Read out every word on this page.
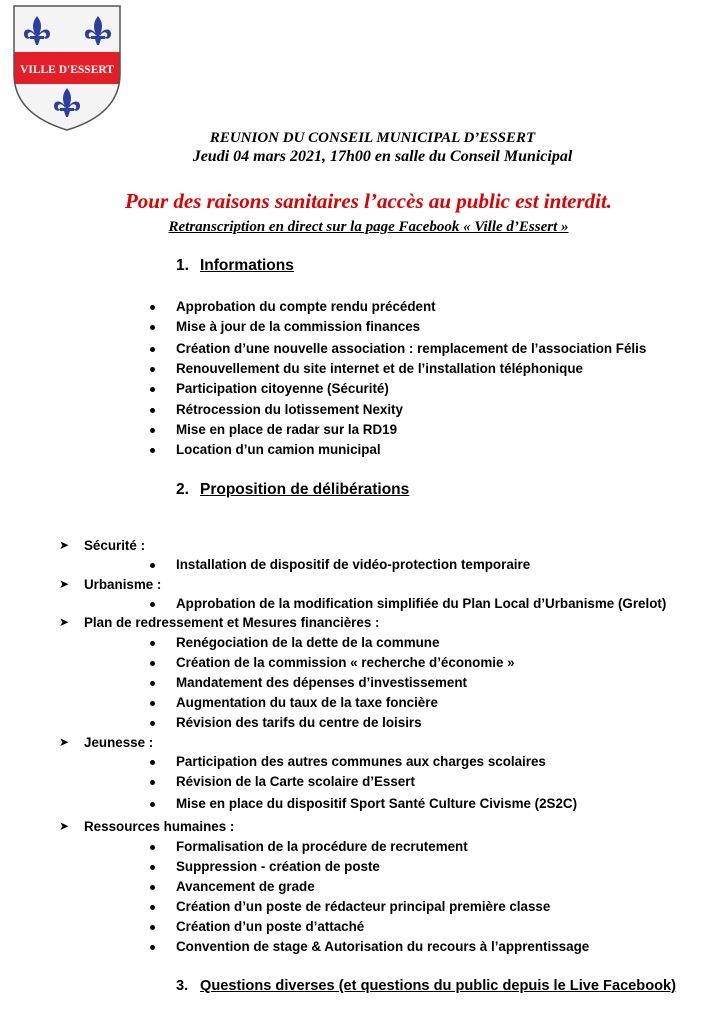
VILLE D'ESSERT
REUNION DU CONSEIL MUNICIPAL D’ESSERT
Jeudi 04 mars 2021, 17h00 en salle du Conseil Municipal
Pour des raisons sanitaires l’accès au public est interdit.
Retranscription en direct sur la page Facebook « Ville d’Essert »
1. Informations
Approbation du compte rendu précédent
Mise à jour de la commission finances
Création d’une nouvelle association : remplacement de l’association Félis
Renouvellement du site internet et de l’installation téléphonique
Participation citoyenne (Sécurité)
Rétrocession du lotissement Nexity
Mise en place de radar sur la RD19
Location d’un camion municipal
2. Proposition de délibérations
➤ Sécurité :
Installation de dispositif de vidéo-protection temporaire
➤ Urbanisme :
Approbation de la modification simplifiée du Plan Local d’Urbanisme (Grelot)
➤ Plan de redressement et Mesures financières :
Renégociation de la dette de la commune
Création de la commission « recherche d’économie »
Mandatement des dépenses d’investissement
Augmentation du taux de la taxe foncière
Révision des tarifs du centre de loisirs
➤ Jeunesse :
Participation des autres communes aux charges scolaires
Révision de la Carte scolaire d’Essert
Mise en place du dispositif Sport Santé Culture Civisme (2S2C)
➤ Ressources humaines :
Formalisation de la procédure de recrutement
Suppression - création de poste
Avancement de grade
Création d’un poste de rédacteur principal première classe
Création d’un poste d’attaché
Convention de stage & Autorisation du recours à l’apprentissage
3. Questions diverses (et questions du public depuis le Live Facebook)
